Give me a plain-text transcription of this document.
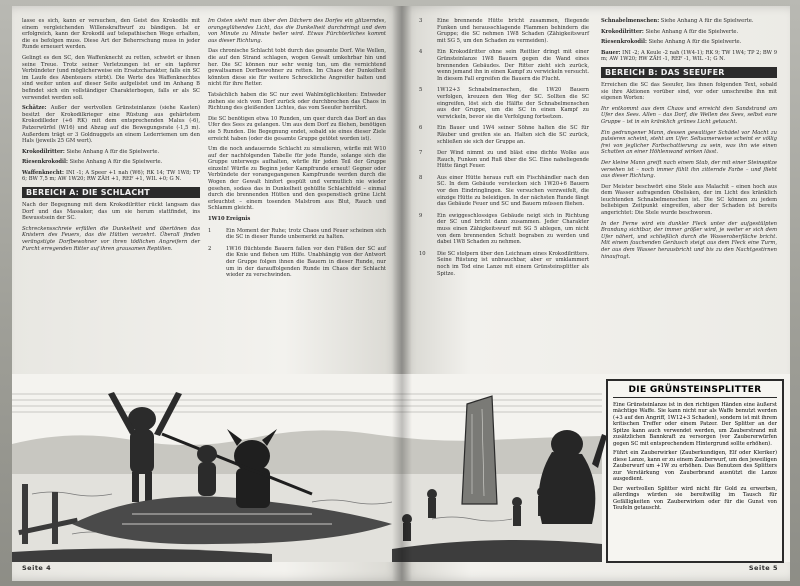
lasse es sich, kann er versuchen, den Geist des Krokodils mit einem vergleichenden Willenskraftwurf zu bändigen. Ist er erfolgreich, kann der Krokodil auf telepathischen Wege erhalten, die es befolgen muss. Diese Art der Beherrschung muss in jeder Runde erneuert werden.

Gelingt es den SC, den Waffenknecht zu retten, schwört er ihnen seine Treue. Trotz seiner Verletzungen ist er ein tapferer Verbündeter (und möglicherweise ein Ersatzcharakter, falls ein SC im Laufe des Abenteuers stirbt). Die Werte des Waffenknechtes sind weiter unten auf dieser Seite aufgelistet und im Anhang B befindet sich ein vollständiger Charakterbogen, falls er als SC verwendet werden soll.

Schätze: Außer der wertvollen Grünsteinlanze (siehe Kasten) besitzt der Krokodilkrieger eine Rüstung aus gehärtetem Krokodilleder (+6 RK) mit dem entsprechenden Malus (-6), Patzerwürfel (W16) und Abzug auf die Bewegungsrate (-1,5 m). Außerdem trägt er 3 Goldnuggets an einem Lederriemen um den Hals (jeweils 25 GM wert).

Krokodilritter: Siehe Anhang A für die Spielwerte.

Riesenkrokodil: Siehe Anhang A für die Spielwerte.

Waffenknecht: INI -1; A Speer +1 nah (W6); RK 14; TW 1W8; TP 6; BW 7,5 m; AW 1W20; RW ZÄH +1, REF +1, WIL +0; G N.

BEREICH A: DIE SCHLACHT

Nach der Begegnung mit dem Krokodilritter rückt langsam das Dorf und das Massaker, das um sie herum stattfindet, ins Bewusstsein der SC.

Schreckensschreie erfüllen die Dunkelheit und übertönen das Knistern des Feuers, das die Hütten verzehrt. Überall finden verängstigte Dorfbewohner vor ihren tödlichen Angreifern der Furcht erregenden Ritter auf ihren grausamen Reptilien.

Im Osten sieht man über den Dächern des Dorfes ein glitzerndes, orangeglühendes Licht, das die Dunkelheit durchdringt und dem von Minute zu Minute heller wird. Etwas Fürchterliches kommt aus dieser Richtung.

Das chronische Schlacht tobt durch das gesamte Dorf. Wie Wellen, die auf den Strand schlagen, wogen Gewalt umkehrbar hin und her. Die SC können nur sehr wenig tun, um die vernichtend gewaltsamen Dorfbewohner zu retten. Im Chaos der Dunkelheit könnten diese sie für weitere Schreckliche Angreifer halten und nicht für ihre Retter.

Tatsächlich haben die SC nur zwei Wahlmöglichkeiten: Entweder ziehen sie sich vom Dorf zurück oder durchbrechen das Chaos in Richtung des gleißenden Lichtes, das vom Seeufer herrührt.

Die SC benötigen etwa 10 Runden, um quer durch das Dorf an das Ufer des Sees zu gelangen. Um aus dem Dorf zu fliehen, benötigen sie 5 Runden. Die Begegnung endet, sobald sie eines dieser Ziele erreicht haben (oder die gesamte Gruppe getötet worden ist).

Um die noch andauernde Schlacht zu simulieren, würfle mit W10 auf der nachfolgenden Tabelle für jede Runde, solange sich die Gruppe unterwegs aufhalten, würfle für jeden Teil der Gruppe einzeln! Würfle zu Beginn jeder Kampfrunde erneut! Gegner oder Verbündete der vorangegangenen Kampfrunde werden durch die Wogen der Gewalt hinfort gespült und vermutlich nie wieder gesehen, sodass das in Dunkelheit gehüllte Schlachtfeld – einmal durch die brennenden Hütten und den gespenstisch grüne Licht erleuchtet – einem tosenden Malstrom aus Blut, Rauch und Schlamm gleicht.

1W10	Ereignis
1	Ein Moment der Ruhe; trotz Chaos und Feuer scheinen sich die SC in dieser Runde unbemerkt zu halten.
2	1W16 flüchtende Bauern fallen vor den Füßen der SC auf die Knie und flehen um Hilfe. Unabhängig von der Antwort der Gruppe folgen ihnen die Bauern in dieser Runde, nur um in der darauffolgenden Runde im Chaos der Schlacht wieder zu verschwinden.
Seite 4
3	Eine brennende Hütte bricht zusammen, fliegende Funken und herausschlagende Flammen behindern die Gruppe; die SC nehmen 1W8 Schaden (Zähigkeitswurf mit SG 5, um den Schaden zu vermeiden).
4	Ein Krokodilritter ohne sein Reittier dringt mit einer Grünsteinlanze 1W8 Bauern gegen die Wand eines brennenden Gebäudes. Der Ritter zieht sich zurück, wenn jemand ihn in einen Kampf zu verwickeln versucht. In diesem Fall ergreifen die Bauern die Flucht.
5	1W12+3 Schnabelmenschen, die 1W20 Bauern verfolgen, kreuzen den Weg der SC. Sollten die SC eingreifen, löst sich die Hälfte der Schnabelmenschen aus der Gruppe, um die SC in einen Kampf zu verwickeln, bevor sie die Verfolgung fortsetzen.
6	Ein Bauer und 1W4 seiner Söhne halten die SC für Räuber und greifen sie an. Halten sich die SC zurück, schließen sie sich der Gruppe an.
7	Der Wind nimmt zu und bläst eine dichte Wolke aus Rauch, Funken und Ruß über die SC. Eine naheliegende Hütte fängt Feuer.
8	Aus einer Hütte heraus ruft ein Fischhändler nach den SC. In dem Gebäude verstecken sich 1W20+6 Bauern vor den Eindringlingen. Sie versuchen verzweifelt, die einzige Hütte zu beleidigen. In der nächsten Runde fängt das Gebäude Feuer und SC und Bauern müssen fliehen.
9	Ein ewiggeschlossiges Gebäude neigt sich in Richtung der SC und bricht dann zusammen. Jeder Charakter muss einen Zähigkeitswurf mit SG 5 ablegen, um nicht von dem brennenden Schutt begraben zu werden und dabei 1W8 Schaden zu nehmen.
10	Die SC stolpern über den Leichnam eines Krokodilritters. Seine Rüstung ist unbrauchbar, aber er umklammert noch im Tod eine Lanze mit einem Grünsteinsplitter als Spitze.

Schnabelmenschen: Siehe Anhang A für die Spielwerte.

Krokodilritter: Siehe Anhang A für die Spielwerte.

Riesenkrokodil: Siehe Anhang A für die Spielwerte.

Bauer: INI -2; A Keule -2 nah (1W4-1); RK 9; TW 1W4; TP 2; BW 9 m; AW 1W20; RW ZÄH -1, REF -1, WIL -1; G N.

BEREICH B: DAS SEEUFER

Erreichen die SC das Seeufer, lies ihnen folgenden Text, sobald sie ihre Aktionen vorüber sind, vor oder umschreibe ihn mit eigenen Worten:

Ihr entkommt aus dem Chaos und erreicht den Sandstrand am Ufer des Sees. Allen – das Dorf, die Wellen des Sees, selbst eure Gruppe – ist in ein kränklich grünes Licht getaucht.

Ein gedrungener Mann, dessen gewaltiger Schädel vor Macht zu pulsieren scheint, steht am Ufer. Seltsamerweise scheint er völlig frei von jeglicher Farbschattierung zu sein, was ihn wie einen Schatten an einer Höhlenwand wirken lässt.

Der kleine Mann greift nach einem Stab, der mit einer Steinspitze versehen ist – noch immer fühlt ihn zitternde Farbe – und flieht aus dieser Richtung.

Der Meister beschwört eine Stele aus Malachit – einen hoch aus dem Wasser aufragenden Obelisken, der im Licht des kränklich leuchtenden Schnabelmenschen ist. Die SC können zu jedem beliebigen Zeitpunkt eingreifen, aber der Schaden ist bereits angerichtet: Die Stele wurde beschworen.

In der Ferne wird ein dunkler Fleck unter der aufgestülpten Brandung sichtbar, der immer größer wird, je weiter er sich dem Ufer nähert, und schließlich durch die Wasseroberfläche bricht. Mit einem fauchenden Geräusch steigt aus dem Fleck eine Turm, der aus dem Wasser herausbricht und bis zu den Nachtgestirnen hinaufragt.

Seite 5
DIE GRÜNSTEINSPLITTER

Eine Grünsteinlanze ist in den richtigen Händen eine äußerst mächtige Waffe. Sie kann nicht nur als Waffe benutzt werden (+3 auf den Angriff, 1W12+3 Schaden), sondern ist mit ihrem kritischen Treffer oder einem Patzer. Der Splitter an der Spitze kann auch verwendet werden, um Zauberstrand mit zusätzlichen Bannkraft zu versorgen (vor Zaubererwürfen gegen SC mit entsprechendem Hintergrund sollte erhöhen).

Führt ein Zauberwirker (Zauberkundigen, Elf oder Kleriker) diese Lanze, kann er zu einem Zauberwurf, um den jeweiligen Zauberwurf um +1W zu erhöhen. Das Benutzen des Splitters zur Verstärkung von Zauberbrand ausnützt die Lanze ausgedient.

Der wertvollen Splitter wird nicht für Gold zu erwerben, allerdings würden sie bereitwillig im Tausch für Gefälligkeiten von Zauberwirken oder für die Gunst von Teufeln getauscht.
